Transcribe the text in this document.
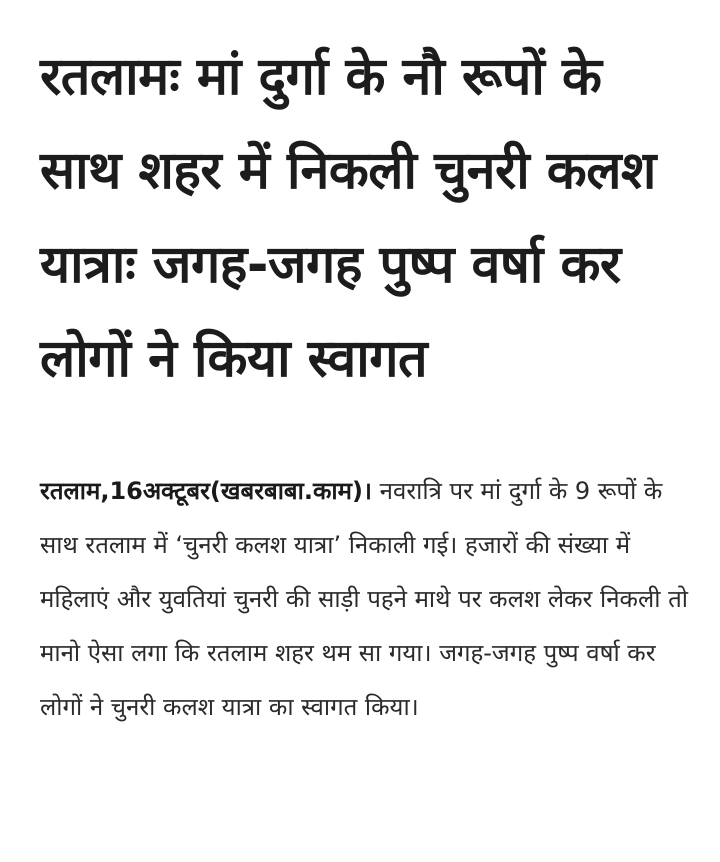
रतलामः मां दुर्गा के नौ रूपों के साथ शहर में निकली चुनरी कलश यात्राः जगह-जगह पुष्प वर्षा कर लोगों ने किया स्वागत

रतलाम,16अक्टूबर(खबरबाबा.काम)। नवरात्रि पर मां दुर्गा के 9 रूपों के साथ रतलाम में ‘चुनरी कलश यात्रा’ निकाली गई। हजारों की संख्या में महिलाएं और युवतियां चुनरी की साड़ी पहने माथे पर कलश लेकर निकली तो मानो ऐसा लगा कि रतलाम शहर थम सा गया। जगह-जगह पुष्प वर्षा कर लोगों ने चुनरी कलश यात्रा का स्वागत किया।
